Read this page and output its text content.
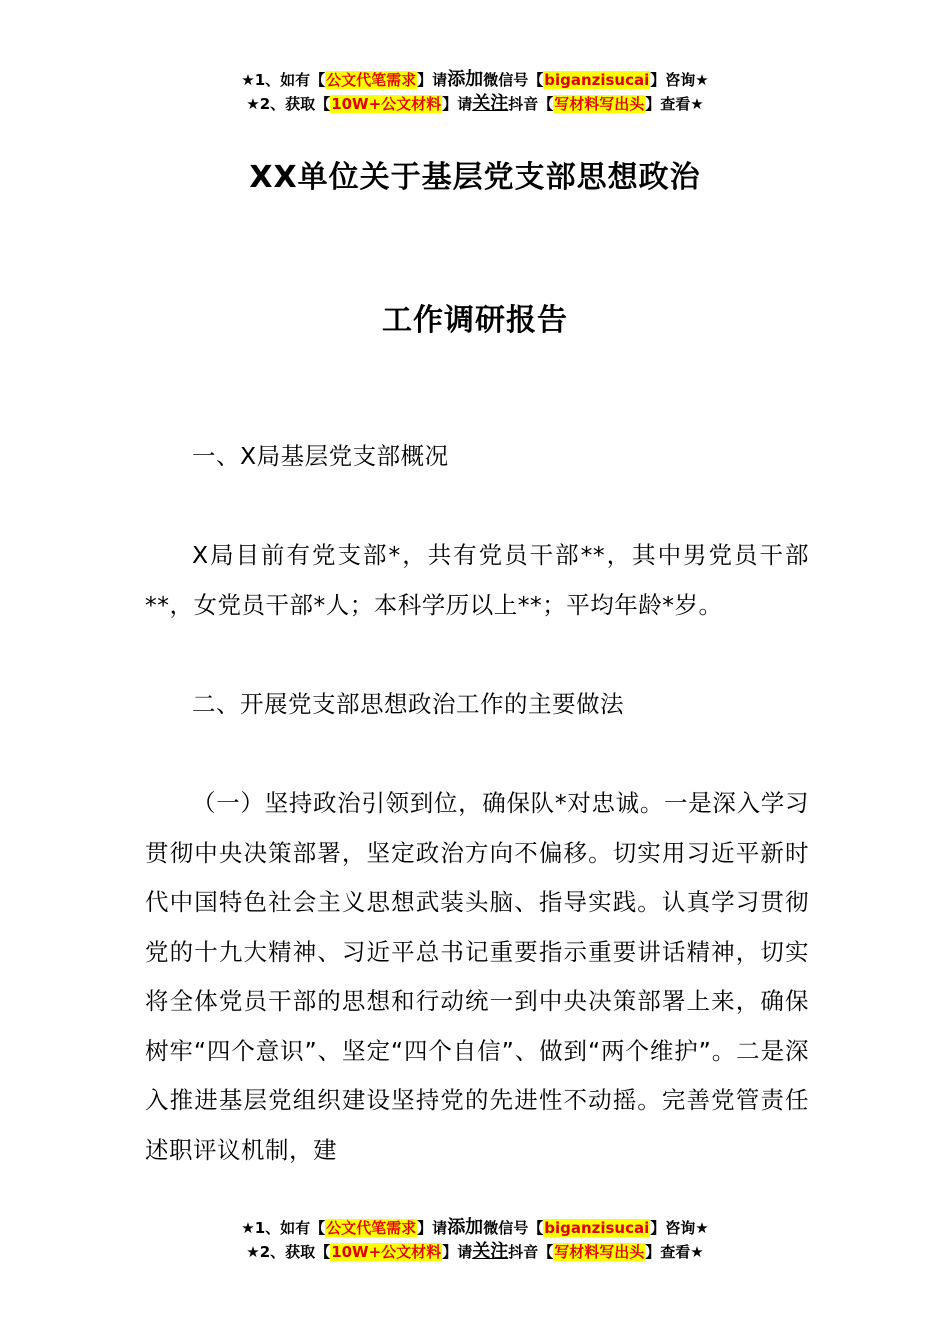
★1、如有【公文代笔需求】请添加微信号【biganzisucai】咨询★
★2、获取【10W+公文材料】请关注抖音【写材料写出头】查看★
XX单位关于基层党支部思想政治
工作调研报告

一、X局基层党支部概况

X局目前有党支部*，共有党员干部**，其中男党员干部**，女党员干部*人；本科学历以上**；平均年龄*岁。

二、开展党支部思想政治工作的主要做法

（一）坚持政治引领到位，确保队*对忠诚。一是深入学习贯彻中央决策部署，坚定政治方向不偏移。切实用习近平新时代中国特色社会主义思想武装头脑、指导实践。认真学习贯彻党的十九大精神、习近平总书记重要指示重要讲话精神，切实将全体党员干部的思想和行动统一到中央决策部署上来，确保树牢“四个意识”、坚定“四个自信”、做到“两个维护”。二是深入推进基层党组织建设坚持党的先进性不动摇。完善党管责任述职评议机制，建

★1、如有【公文代笔需求】请添加微信号【biganzisucai】咨询★
★2、获取【10W+公文材料】请关注抖音【写材料写出头】查看★
